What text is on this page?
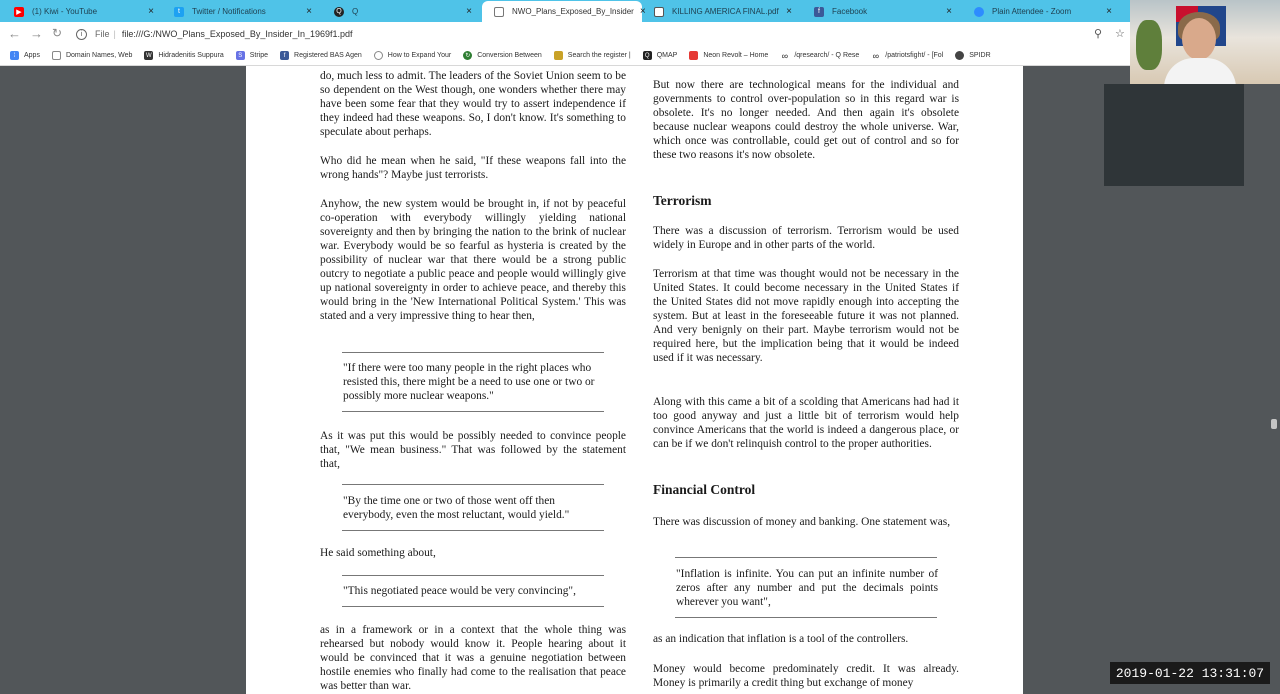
▶ (1) Kiwi - YouTube	×	t	Twitter / Notifications	×	Q Q	×	NWO_Plans_Exposed_By_Insider ×	KILLING AMERICA FINAL.pdf ×	f	Facebook	×	Plain Attendee - Zoom	×
← → ↻	i	File | file:///G:/NWO_Plans_Exposed_By_Insider_In_1969f1.pdf	⚲ ☆
⁞	Apps	Domain Names, Web W Hidradenitis Suppura	S	Stripe	f	Registered BAS Agen	How to Expand Your	↻ Conversion Between	Search the register |	Q	QMAP	Neon Revolt – Home ∞ /qresearch/ - Q Rese ∞ /patriotsfight/ - [Fol	SPIDR
do, much less to admit. The leaders of the Soviet Union seem to be so dependent on the West though, one wonders whether there may have been some fear that they would try to assert independence if they indeed had these weapons. So, I don't know. It's something to speculate about perhaps.
Who did he mean when he said, "If these weapons fall into the wrong hands"? Maybe just terrorists.
Anyhow, the new system would be brought in, if not by peaceful co-operation with everybody willingly yielding national sovereignty and then by bringing the nation to the brink of nuclear war. Everybody would be so fearful as hysteria is created by the possibility of nuclear war that there would be a strong public outcry to negotiate a public peace and people would willingly give up national sovereignty in order to achieve peace, and thereby this would bring in the 'New International Political System.' This was stated and a very impressive thing to hear then,
"If there were too many people in the right places who resisted this, there might be a need to use one or two or possibly more nuclear weapons."
As it was put this would be possibly needed to convince people that, "We mean business." That was followed by the statement that,
"By the time one or two of those went off then everybody, even the most reluctant, would yield."
He said something about,
"This negotiated peace would be very convincing",
as in a framework or in a context that the whole thing was rehearsed but nobody would know it. People hearing about it would be convinced that it was a genuine negotiation between hostile enemies who finally had come to the realisation that peace was better than war.
But now there are technological means for the individual and governments to control over-population so in this regard war is obsolete. It's no longer needed. And then again it's obsolete because nuclear weapons could destroy the whole universe. War, which once was controllable, could get out of control and so for these two reasons it's now obsolete.
Terrorism
There was a discussion of terrorism. Terrorism would be used widely in Europe and in other parts of the world.
Terrorism at that time was thought would not be necessary in the United States. It could become necessary in the United States if the United States did not move rapidly enough into accepting the system. But at least in the foreseeable future it was not planned. And very benignly on their part. Maybe terrorism would not be required here, but the implication being that it would be indeed used if it was necessary.
Along with this came a bit of a scolding that Americans had had it too good anyway and just a little bit of terrorism would help convince Americans that the world is indeed a dangerous place, or can be if we don't relinquish control to the proper authorities.
Financial Control
There was discussion of money and banking. One statement was,
"Inflation is infinite. You can put an infinite number of zeros after any number and put the decimals points wherever you want",
as an indication that inflation is a tool of the controllers.
Money would become predominately credit. It was already. Money is primarily a credit thing but exchange of money
2019-01-22 13:31:07
